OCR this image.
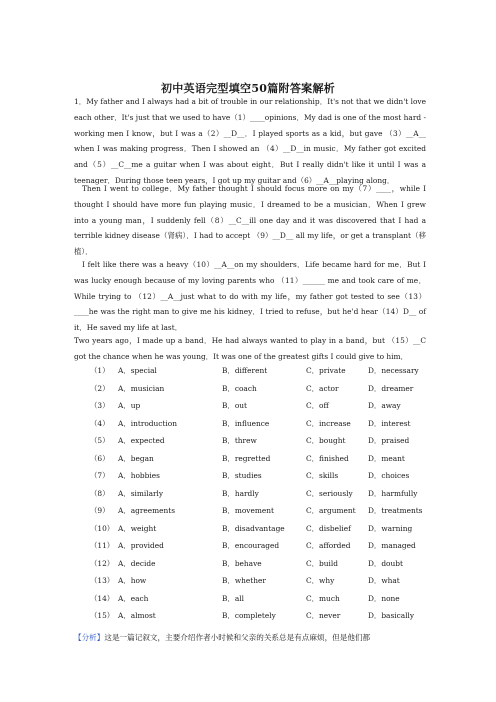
初中英语完型填空50篇附答案解析
1．My father and I always had a bit of trouble in our relationship．It's not that we didn't love each other．It's just that we used to have（1）____opinions．My dad is one of the most hard - working men I know，but I was a（2）__D__．I played sports as a kid，but gave （3）__A__ when I was making progress．Then I showed an （4）__D__in music．My father got excited and（5）__C__me a guitar when I was about eight．But I really didn't like it until I was a teenager．During those teen years，I got up my guitar and（6）__A__playing along．
Then I went to college．My father thought I should focus more on my（7）____，while I thought I should have more fun playing music．I dreamed to be a musician．When I grew into a young man，I suddenly fell（8）__C__ill one day and it was discovered that I had a terrible kidney disease（肾病）．I had to accept （9）__D__ all my life，or get a transplant（移植）．
I felt like there was a heavy（10）__A__on my shoulders．Life became hard for me．But I was lucky enough because of my loving parents who （11）______ me and took care of me．While trying to （12）__A__just what to do with my life，my father got tested to see（13）____he was the right man to give me his kidney．I tried to refuse，but he'd hear（14）D__ of it．He saved my life at last．
Two years ago，I made up a band．He had always wanted to play in a band，but （15）__C got the chance when he was young．It was one of the greatest gifts I could give to him．
（1） A．special	B．different	C．private	D．necessary
（2） A．musician	B．coach	C．actor	D．dreamer
（3） A．up	B．out	C．off	D．away
（4） A．introduction	B．influence	C．increase D．interest
（5） A．expected	B．threw	C．bought	D．praised
（6） A．began	B．regretted	C．finished	D．meant
（7） A．hobbies	B．studies	C．skills	D．choices
（8） A．similarly	B．hardly	C．seriously D．harmfully
（9） A．agreements	B．movement	C．argument D．treatments
（10） A．weight	B．disadvantage	C．disbelief D．warning
（11） A．provided	B．encouraged	C．afforded D．managed
（12） A．decide	B．behave	C．build	D．doubt
（13） A．how	B．whether	C．why	D．what
（14） A．each	B．all	C．much	D．none
（15） A．almost	B．completely	C．never	D．basically
【分析】这是一篇记叙文，主要介绍作者小时候和父亲的关系总是有点麻烦，但是他们都
